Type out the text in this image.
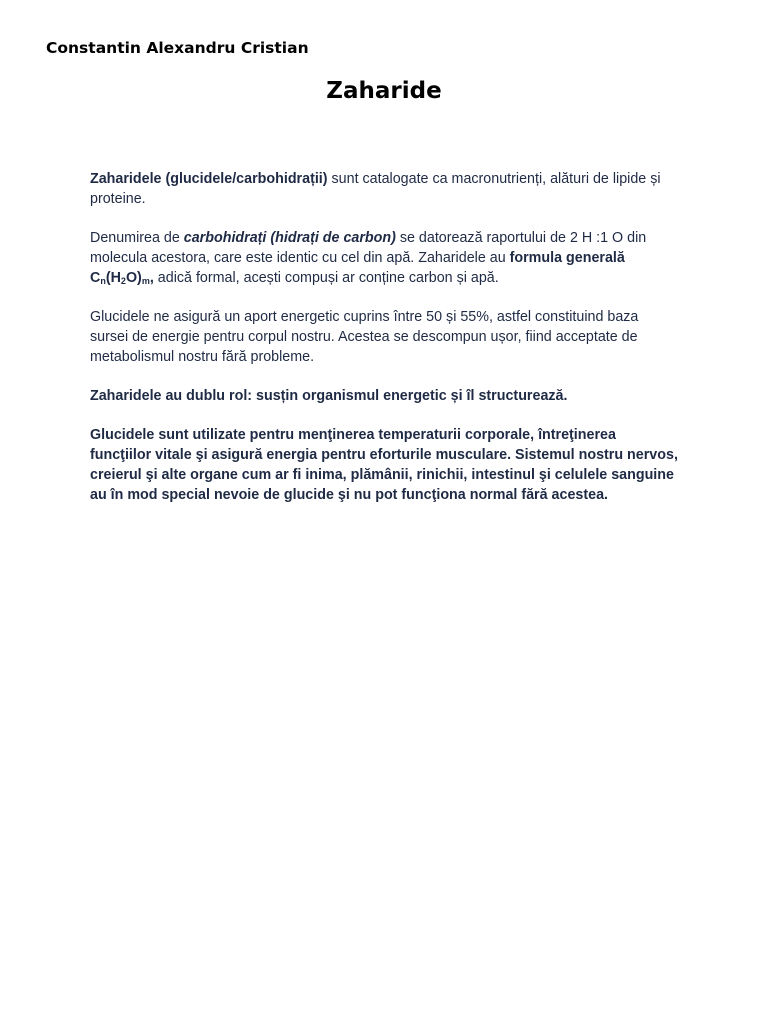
Constantin Alexandru Cristian
Zaharide

Zaharidele (glucidele/carbohidrații) sunt catalogate ca macronutrienți, alături de lipide și proteine.

Denumirea de carbohidrați (hidrați de carbon) se datorează raportului de 2 H :1 O din molecula acestora, care este identic cu cel din apă. Zaharidele au formula generală
$C_n(H_2O)_m$, adică formal, acești compuși ar conține carbon și apă.

Glucidele ne asigură un aport energetic cuprins între 50 și 55%, astfel constituind baza sursei de energie pentru corpul nostru. Acestea se descompun ușor, fiind acceptate de metabolismul nostru fără probleme.

Zaharidele au dublu rol: susțin organismul energetic și îl structurează.

Glucidele sunt utilizate pentru menţinerea temperaturii corporale, întreţinerea funcţiilor vitale şi asigură energia pentru eforturile musculare. Sistemul nostru nervos, creierul şi alte organe cum ar fi inima, plămânii, rinichii, intestinul şi celulele sanguine au în mod special nevoie de glucide şi nu pot funcţiona normal fără acestea.
